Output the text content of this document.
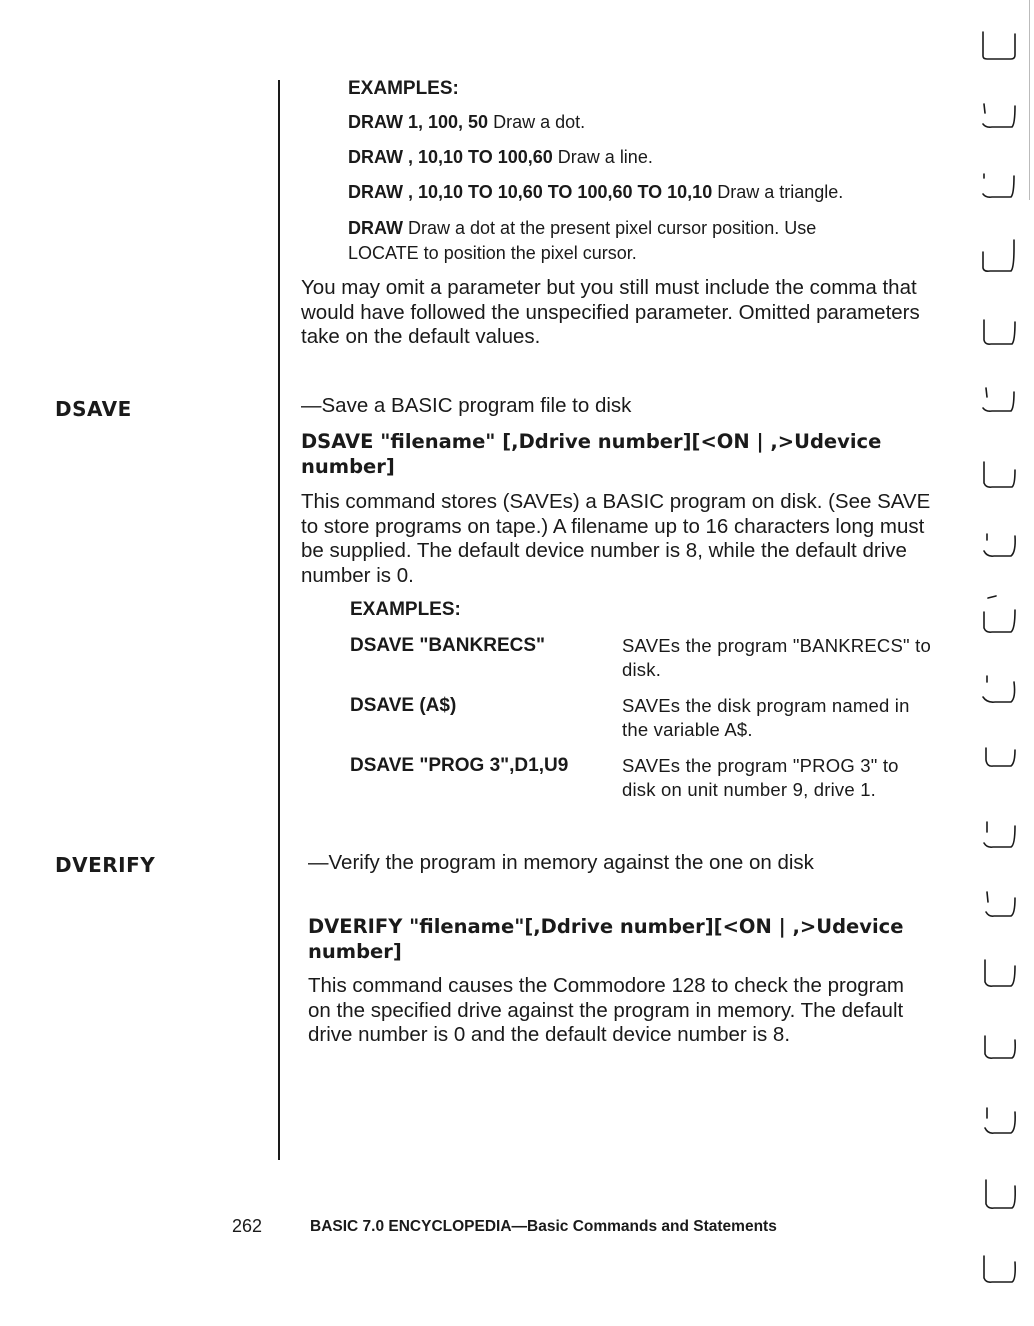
EXAMPLES:
DRAW 1, 100, 50 Draw a dot.
DRAW , 10,10 TO 100,60 Draw a line.
DRAW , 10,10 TO 10,60 TO 100,60 TO 10,10 Draw a triangle.
DRAW Draw a dot at the present pixel cursor position. Use
LOCATE to position the pixel cursor.
You may omit a parameter but you still must include the comma that
would have followed the unspecified parameter. Omitted parameters
take on the default values.
DSAVE	—Save a BASIC program file to disk
DSAVE "filename" [,Ddrive number][<ON | ,>Udevice
number]
This command stores (SAVEs) a BASIC program on disk. (See SAVE
to store programs on tape.) A filename up to 16 characters long must
be supplied. The default device number is 8, while the default drive
number is 0.
EXAMPLES:
DSAVE "BANKRECS"	SAVEs the program "BANKRECS" to
disk.
DSAVE (A$)	SAVEs the disk program named in
the variable A$.
DSAVE "PROG 3",D1,U9	SAVEs the program "PROG 3" to
disk on unit number 9, drive 1.
DVERIFY	—Verify the program in memory against the one on disk
DVERIFY "filename"[,Ddrive number][<ON | ,>Udevice
number]
This command causes the Commodore 128 to check the program
on the specified drive against the program in memory. The default
drive number is 0 and the default device number is 8.
262	BASIC 7.0 ENCYCLOPEDIA—Basic Commands and Statements
